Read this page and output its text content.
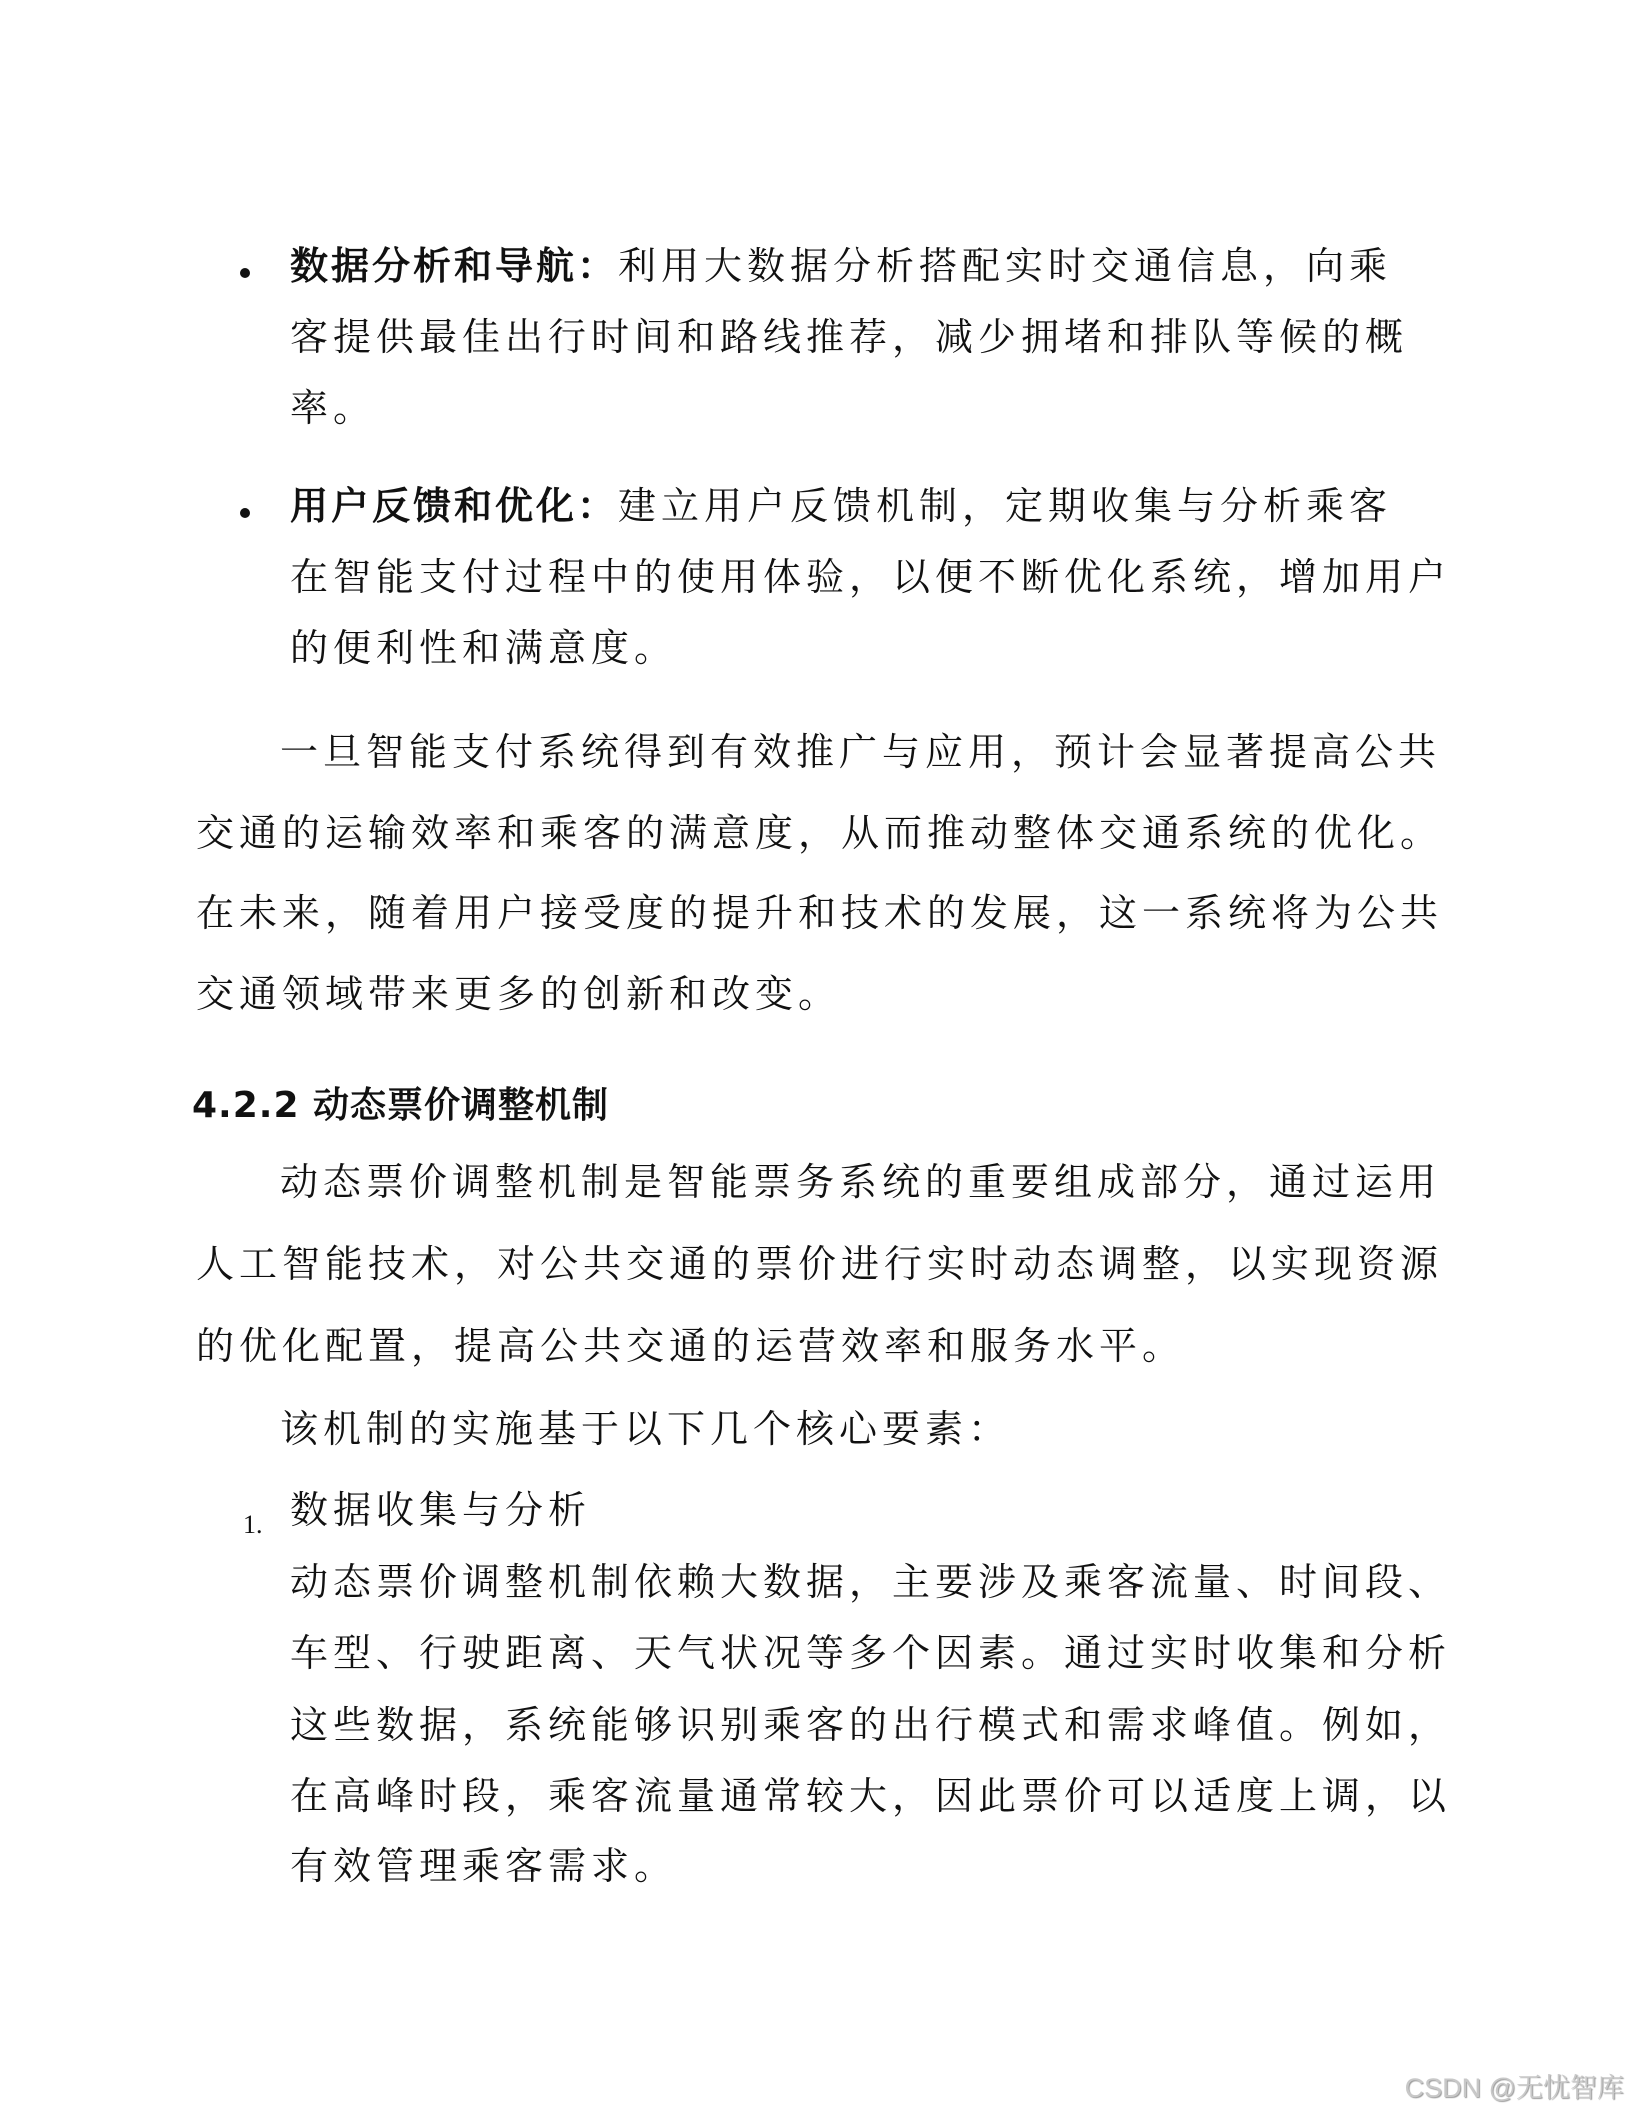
数据分析和导航：利用大数据分析搭配实时交通信息，向乘
客提供最佳出行时间和路线推荐，减少拥堵和排队等候的概
率。
用户反馈和优化：建立用户反馈机制，定期收集与分析乘客
在智能支付过程中的使用体验，以便不断优化系统，增加用户
的便利性和满意度。
一旦智能支付系统得到有效推广与应用，预计会显著提高公共
交通的运输效率和乘客的满意度，从而推动整体交通系统的优化。
在未来，随着用户接受度的提升和技术的发展，这一系统将为公共
交通领域带来更多的创新和改变。
4.2.2 动态票价调整机制
动态票价调整机制是智能票务系统的重要组成部分，通过运用
人工智能技术，对公共交通的票价进行实时动态调整，以实现资源
的优化配置，提高公共交通的运营效率和服务水平。
该机制的实施基于以下几个核心要素：
1. 数据收集与分析
动态票价调整机制依赖大数据，主要涉及乘客流量、时间段、
车型、行驶距离、天气状况等多个因素。通过实时收集和分析
这些数据，系统能够识别乘客的出行模式和需求峰值。例如，
在高峰时段，乘客流量通常较大，因此票价可以适度上调，以
有效管理乘客需求。
CSDN @无忧智库
